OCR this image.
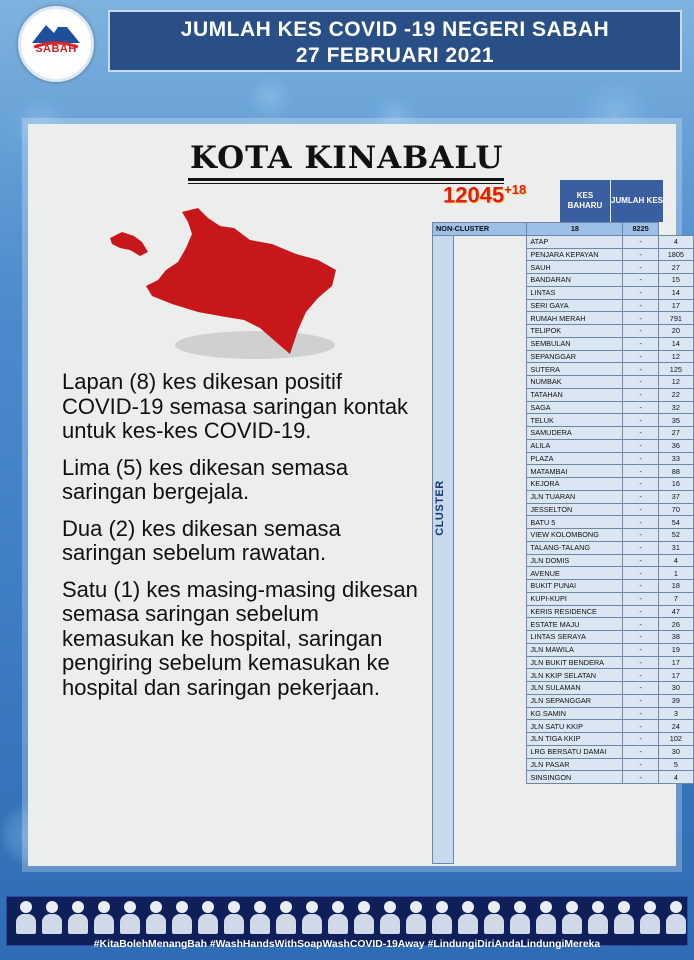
SABAH
JUMLAH KES COVID -19 NEGERI SABAH
27 FEBRUARI 2021
KOTA KINABALU

Lapan (8) kes dikesan positif COVID-19 semasa saringan kontak untuk kes-kes COVID-19.

Lima (5) kes dikesan semasa saringan bergejala.

Dua (2) kes dikesan semasa saringan sebelum rawatan.

Satu (1) kes masing-masing dikesan semasa saringan sebelum kemasukan ke hospital, saringan pengiring sebelum kemasukan ke hospital dan saringan pekerjaan.

$12045^{+18}$	KES BAHARU
JUMLAH KES
NON-CLUSTER	18	8225	
	ATAP	-	4
	PENJARA KEPAYAN	-	1805
	SAUH	-	27
	BANDARAN	-	15
	LINTAS	-	14
	SERI GAYA	-	17
	RUMAH MERAH	-	791
	TELIPOK	-	20
	SEMBULAN	-	14
	SEPANGGAR	-	12
	SUTERA	-	125
	NUMBAK	-	12
	TATAHAN	-	22
	SAGA	-	32
	TELUK	-	35
	SAMUDERA	-	27
	ALILA	-	36
	PLAZA	-	33
	MATAMBAI	-	88
	KEJORA	-	16
	JLN TUARAN	-	37
	JESSELTON	-	70
	BATU 5	-	54
	VIEW KOLOMBONG	-	52
	TALANG-TALANG	-	31
	JLN DOMIS	-	4
	AVENUE	-	1
	BUKIT PUNAI	-	18
	KUPI-KUPI	-	7
	KERIS RESIDENCE	-	47
	ESTATE MAJU	-	26
	LINTAS SERAYA	-	38
	JLN MAWILA	-	19
	JLN BUKIT BENDERA	-	17
	JLN KKIP SELATAN	-	17
	JLN SULAMAN	-	30
	JLN SEPANGGAR	-	39
	KG SAMIN	-	3
	JLN SATU KKIP	-	24
	JLN TIGA KKIP	-	102
	LRG BERSATU DAMAI	-	30
	JLN PASAR	-	5
	SINSINGON	-	4
CLUSTER
#KitaBolehMenangBah #WashHandsWithSoapWashCOVID-19Away #LindungiDiriAndaLindungiMereka
